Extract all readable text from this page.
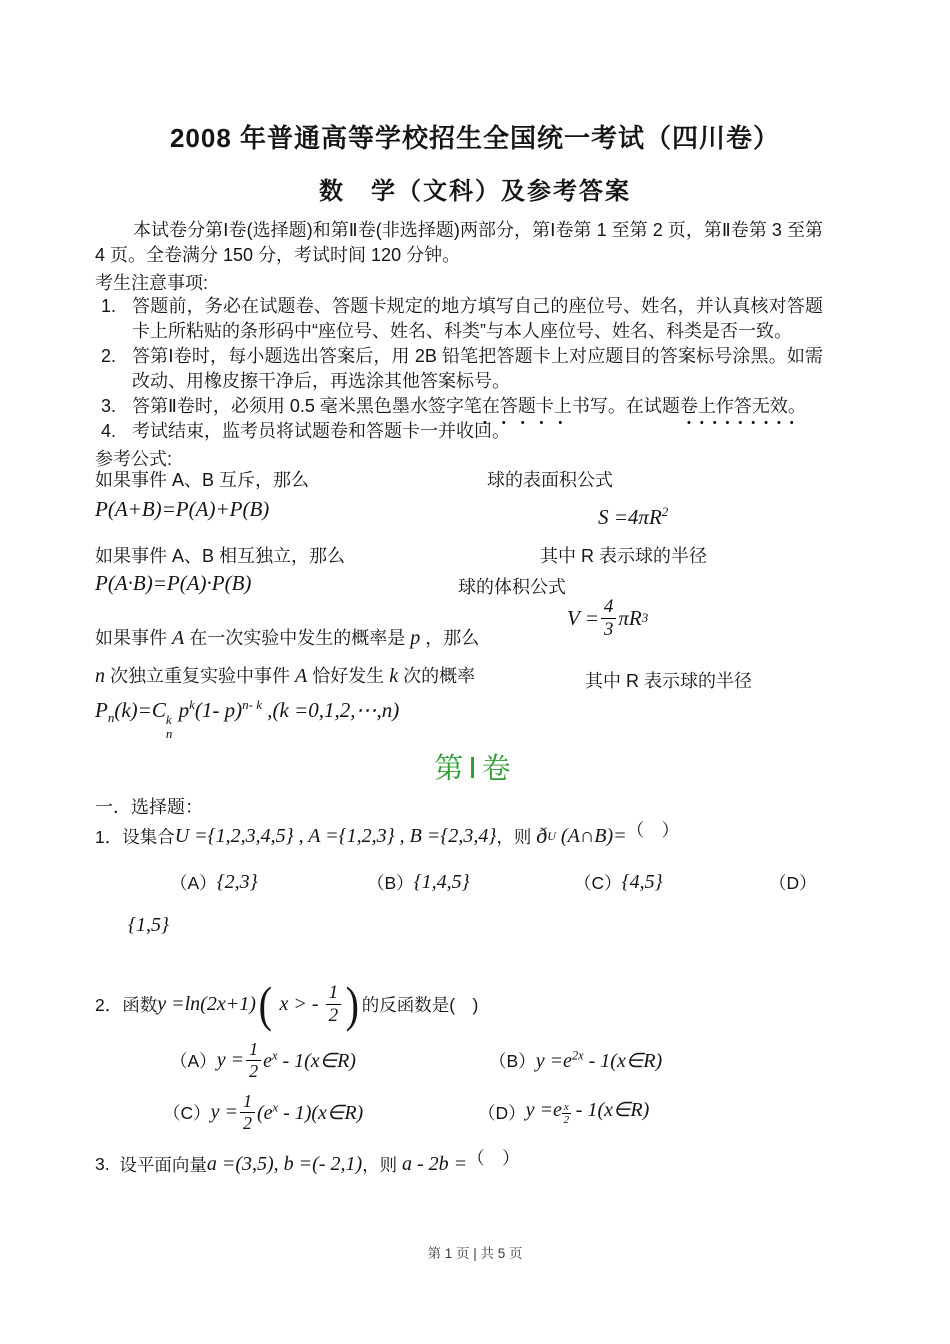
2008 年普通高等学校招生全国统一考试（四川卷）
数　学（文科）及参考答案
本试卷分第Ⅰ卷(选择题)和第Ⅱ卷(非选择题)两部分，第Ⅰ卷第 1 至第 2 页，第Ⅱ卷第 3 至第 4 页。全卷满分 150 分，考试时间 120 分钟。
考生注意事项:
1. 答题前，务必在试题卷、答题卡规定的地方填写自己的座位号、姓名，并认真核对答题卡上所粘贴的条形码中“座位号、姓名、科类”与本人座位号、姓名、科类是否一致。
2. 答第Ⅰ卷时，每小题选出答案后，用 2B 铅笔把答题卡上对应题目的答案标号涂黑。如需改动、用橡皮擦干净后，再选涂其他答案标号。
3. 答第Ⅱ卷时，必须用 0.5 毫米黑色墨水签字笔在答题卡上书写。在试题卷上作答无效。
•••••	•••••••••
4. 考试结束，监考员将试题卷和答题卡一并收回。
参考公式:
如果事件 A、B 互斥，那么	球的表面积公式
P(A+B)=P(A)+P(B)	$S =4\pi R^2$
如果事件 A、B 相互独立，那么	其中 R 表示球的半径
P(A·B)=P(A)·P(B)	球的体积公式
如果事件 A 在一次实验中发生的概率是 p ，那么
$V = \frac{4}{3}$ πR 3
n 次独立重复实验中事件 A 恰好发生 k 次的概率	其中 R 表示球的半径
$P_n(k)=C$ k
n
$p^k(1-$ p)$^{n- k}$ ,(k =0,1,2,⋯,n)
第Ⅰ卷
一．选择题：
1． 设集合 U ={1,2,3,4,5} , A ={1,2,3} , B ={2,3,4} ，则 ð U (A∩B)= （　）
（A） {2,3}	（B） {1,4,5}	（C） {4,5}	（D）
{1,5}
2． 函数 y =ln(2x+1) ( x > - $\frac{1}{2}$ ) 的反函数是(　)
（A） $y = \frac{1}{2} e^x$ - 1(x∈R)	（B） $y =e^{2x}$ - 1(x∈R)
（C） $y = \frac{1}{2} (e^x$ - 1)(x∈R)	（D） y =e $^{\frac{x}{2}}$ - 1(x∈R)
3. 设平面向量 a =(3,5), b =(- 2,1) ，则 a - 2b = （　）
第 1 页 | 共 5 页
